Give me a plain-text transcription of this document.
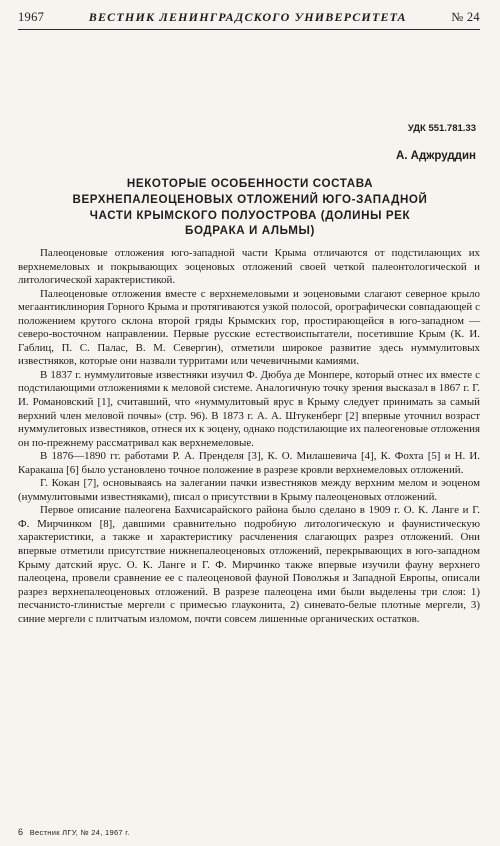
1967	ВЕСТНИК ЛЕНИНГРАДСКОГО УНИВЕРСИТЕТА	№ 24
УДК 551.781.33
А. Аджруддин
НЕКОТОРЫЕ ОСОБЕННОСТИ СОСТАВА
ВЕРХНЕПАЛЕОЦЕНОВЫХ ОТЛОЖЕНИЙ ЮГО-ЗАПАДНОЙ
ЧАСТИ КРЫМСКОГО ПОЛУОСТРОВА (ДОЛИНЫ РЕК
БОДРАКА И АЛЬМЫ)

Палеоценовые отложения юго-западной части Крыма отличаются от подстилающих их верхнемеловых и покрывающих эоценовых отложений своей четкой палеонтологической и литологической характеристикой.

Палеоценовые отложения вместе с верхнемеловыми и эоценовыми слагают северное крыло мегаантиклинория Горного Крыма и протягиваются узкой полосой, орографически совпадающей с положением крутого склона второй гряды Крымских гор, простирающейся в юго-западном — северо-восточном направлении. Первые русские естествоиспытатели, посетившие Крым (К. И. Габлиц, П. С. Палас, В. М. Севергин), отметили широкое развитие здесь нуммулитовых известняков, которые они назвали турритами или чечевичными камиями.

В 1837 г. нуммулитовые известняки изучил Ф. Дюбуа де Монпере, который отнес их вместе с подстилающими отложениями к меловой системе. Аналогичную точку зрения высказал в 1867 г. Г. И. Романовский [1], считавший, что «нуммулитовый ярус в Крыму следует принимать за самый верхний член меловой почвы» (стр. 96). В 1873 г. А. А. Штукенберг [2] впервые уточнил возраст нуммулитовых известняков, отнеся их к эоцену, однако подстилающие их палеогеновые отложения он по-прежнему рассматривал как верхнемеловые.

В 1876—1890 гг. работами Р. А. Пренделя [3], К. О. Милашевича [4], К. Фохта [5] и Н. И. Каракаша [6] было установлено точное положение в разрезе кровли верхнемеловых отложений.

Г. Кокан [7], основываясь на залегании пачки известняков между верхним мелом и эоценом (нуммулитовыми известняками), писал о присутствии в Крыму палеоценовых отложений.

Первое описание палеогена Бахчисарайского района было сделано в 1909 г. О. К. Ланге и Г. Ф. Мирчинком [8], давшими сравнительно подробную литологическую и фаунистическую характеристики, а также и характеристику расчленения слагающих разрез отложений. Они впервые отметили присутствие нижнепалеоценовых отложений, перекрывающих в юго-западном Крыму датский ярус. О. К. Ланге и Г. Ф. Мирчинко также впервые изучили фауну верхнего палеоцена, провели сравнение ее с палеоценовой фауной Поволжья и Западной Европы, описали разрез верхнепалеоценовых отложений. В разрезе палеоцена ими были выделены три слоя: 1) песчанисто-глинистые мергели с примесью глауконита, 2) синевато-белые плотные мергели, 3) синие мергели с плитчатым изломом, почти совсем лишенные органических остатков.

6 Вестник ЛГУ, № 24, 1967 г.
